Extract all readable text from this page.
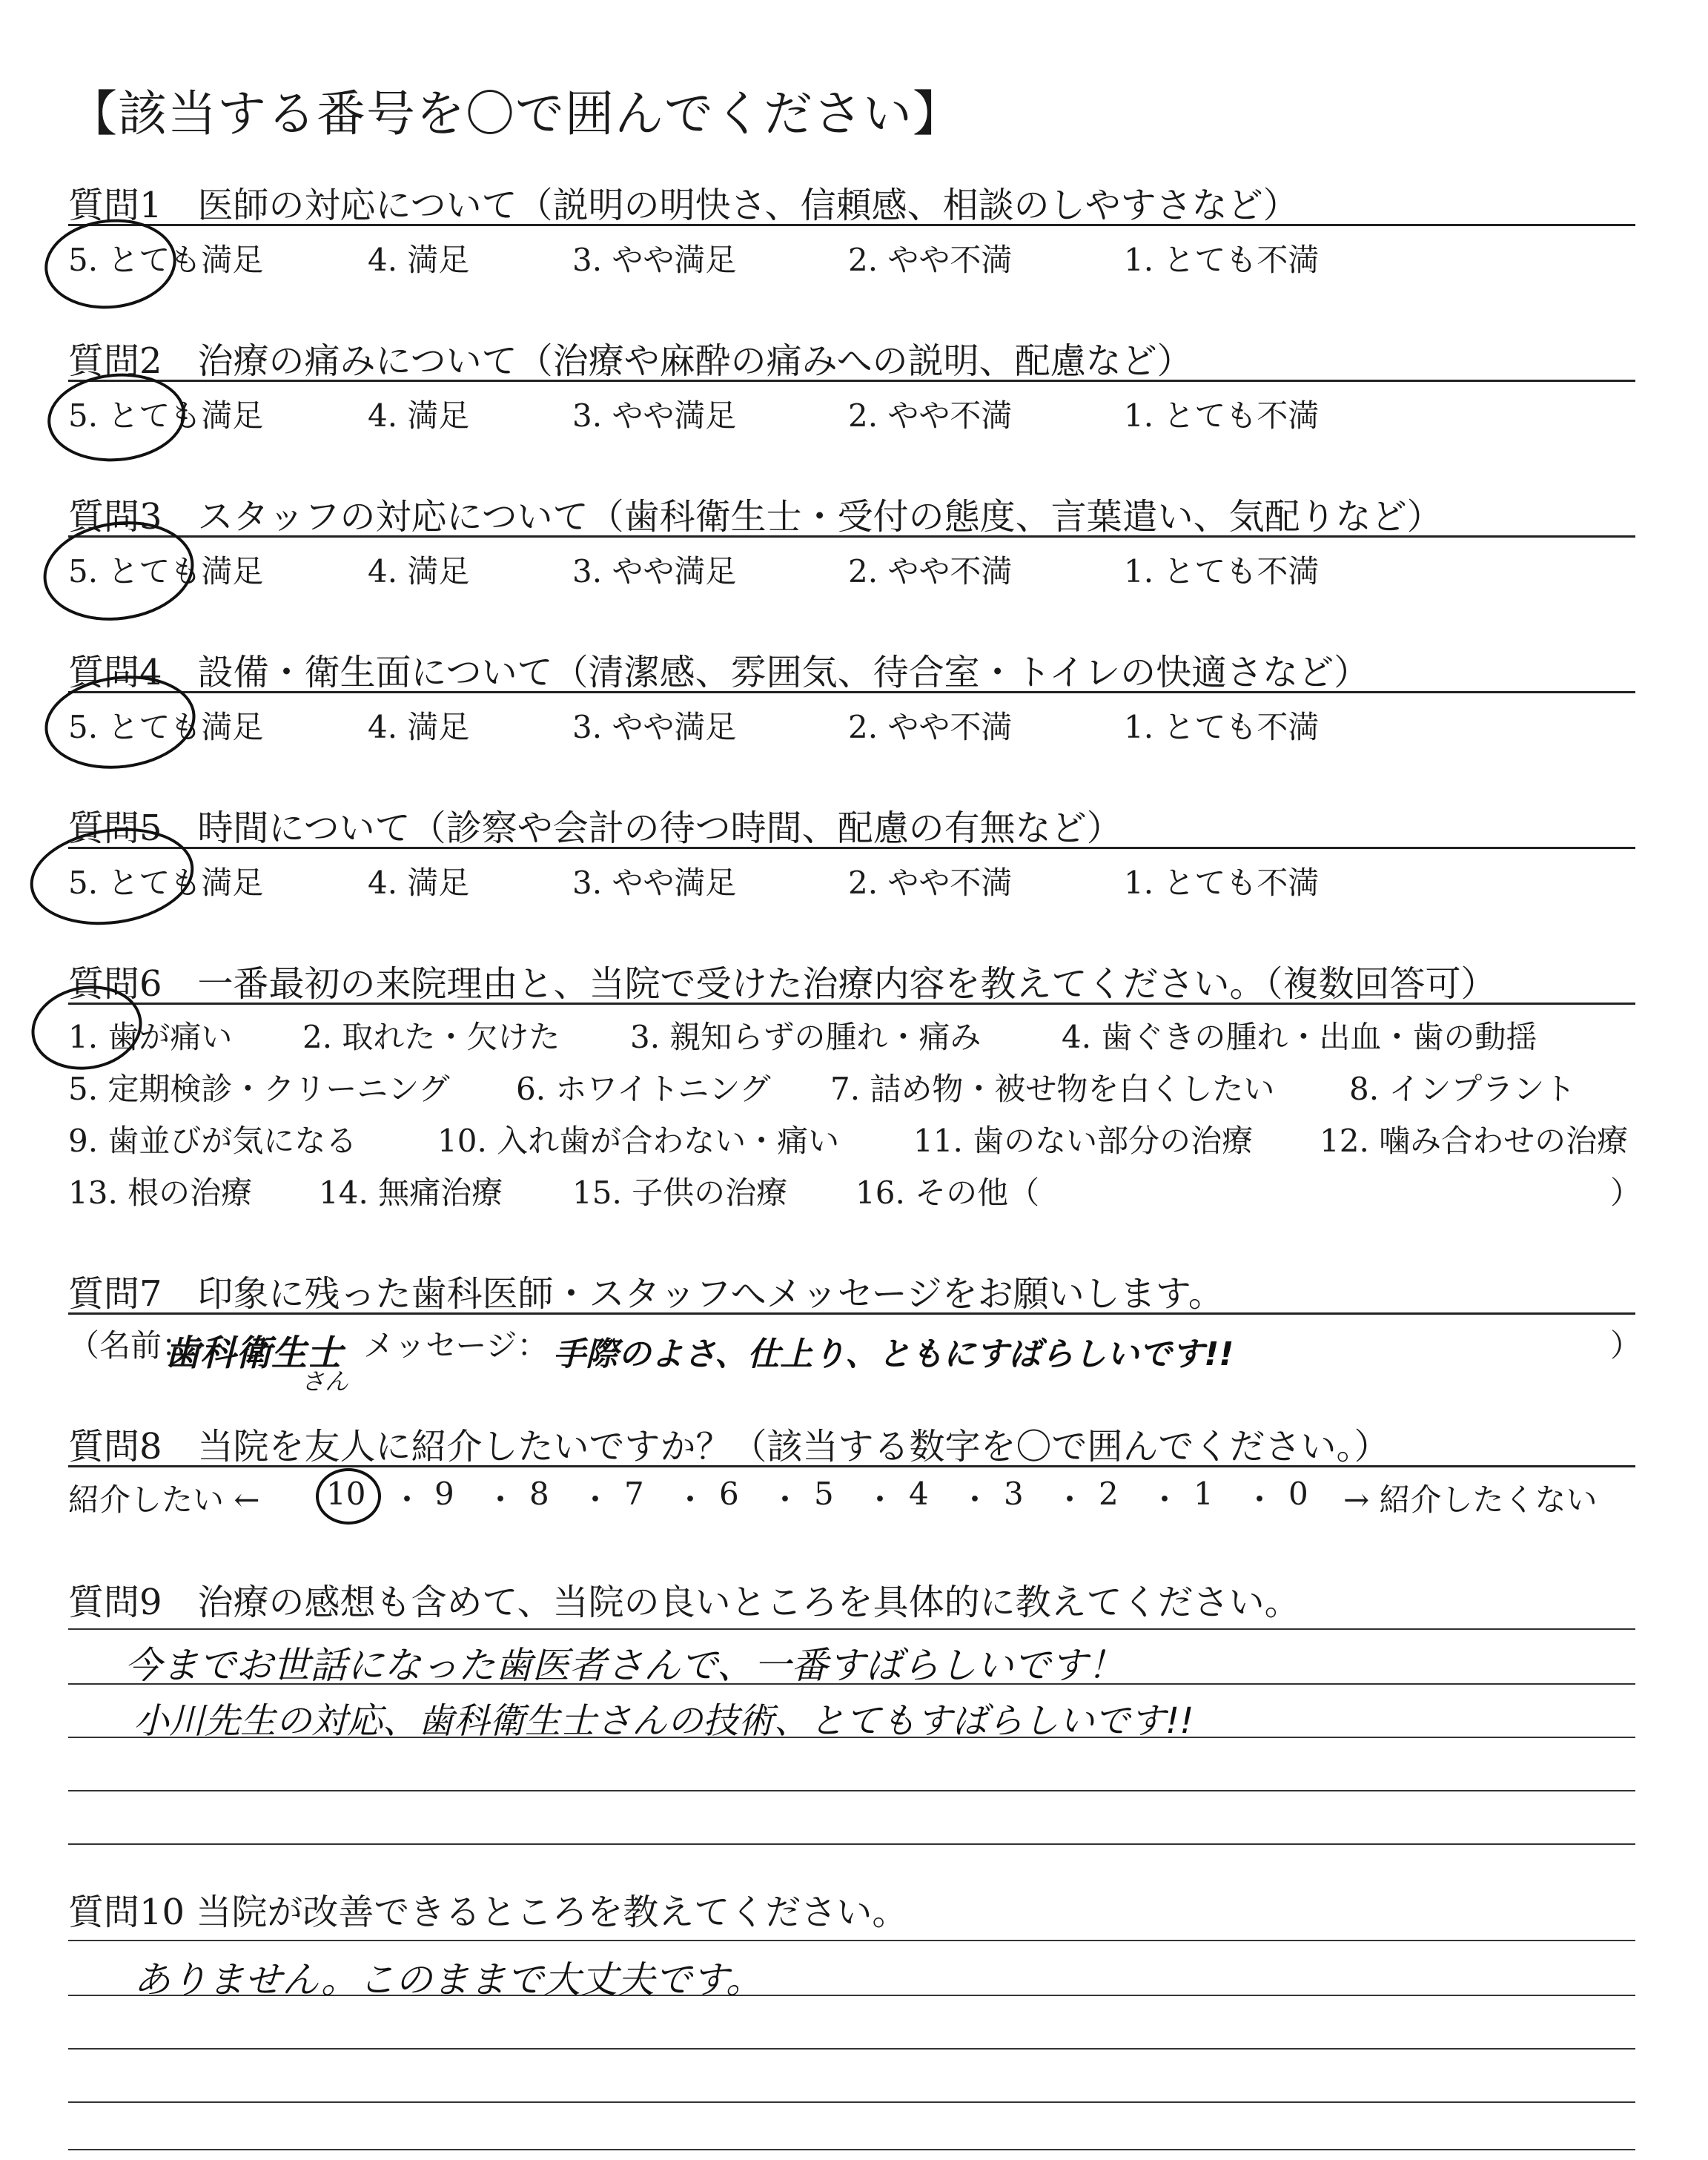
【該当する番号を〇で囲んでください】
質問1　医師の対応について（説明の明快さ、信頼感、相談のしやすさなど）
5. とても満足	4. 満足	3. やや満足	2. やや不満	1. とても不満
質問2　治療の痛みについて（治療や麻酔の痛みへの説明、配慮など）
5. とても満足	4. 満足	3. やや満足	2. やや不満	1. とても不満
質問3　スタッフの対応について（歯科衛生士・受付の態度、言葉遣い、気配りなど）
5. とても満足	4. 満足	3. やや満足	2. やや不満	1. とても不満
質問4　設備・衛生面について（清潔感、雰囲気、待合室・トイレの快適さなど）
5. とても満足	4. 満足	3. やや満足	2. やや不満	1. とても不満
質問5　時間について（診察や会計の待つ時間、配慮の有無など）
5. とても満足	4. 満足	3. やや満足	2. やや不満	1. とても不満
質問6　一番最初の来院理由と、当院で受けた治療内容を教えてください。（複数回答可）
1. 歯が痛い 2. 取れた・欠けた 3. 親知らずの腫れ・痛み	4. 歯ぐきの腫れ・出血・歯の動揺
5. 定期検診・クリーニング 6. ホワイトニング 7. 詰め物・被せ物を白くしたい 8. インプラント
9. 歯並びが気になる	10. 入れ歯が合わない・痛い 11. 歯のない部分の治療 12. 噛み合わせの治療
13. 根の治療 14. 無痛治療 15. 子供の治療 16. その他（	）
質問7　印象に残った歯科医師・スタッフへメッセージをお願いします。
（名前：
歯科衛生士
さん
メッセージ： 手際のよさ、仕上り、ともにすばらしいです!!	）
質問8　当院を友人に紹介したいですか？（該当する数字を〇で囲んでください。）
紹介したい ← 10 ・ 9 ・ 8 ・ 7 ・ 6 ・ 5 ・ 4 ・ 3 ・ 2 ・ 1 ・ 0 → 紹介したくない
質問9　治療の感想も含めて、当院の良いところを具体的に教えてください。
今までお世話になった歯医者さんで、一番すばらしいです！
小川先生の対応、歯科衛生士さんの技術、とてもすばらしいです!!
質問10 当院が改善できるところを教えてください。
ありません。このままで大丈夫です。
